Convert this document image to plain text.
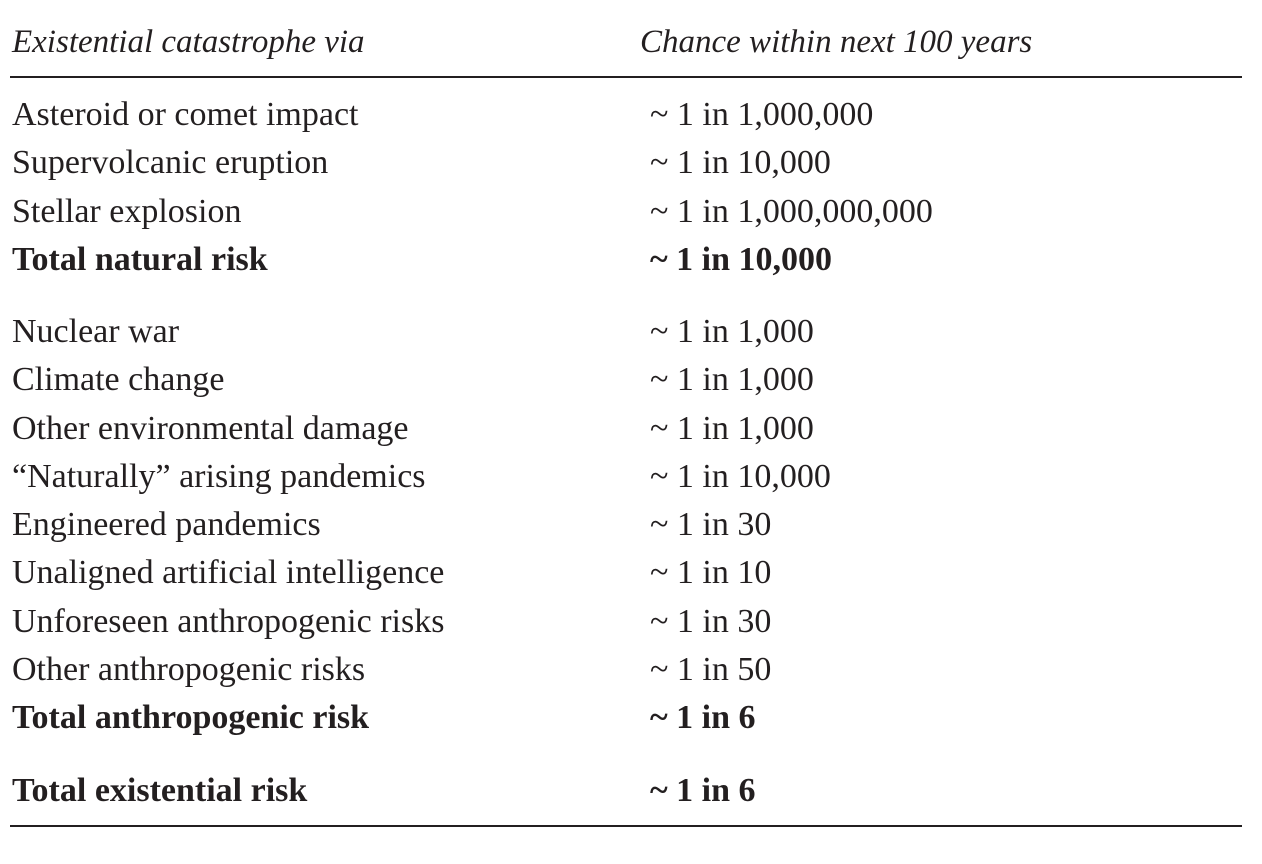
Existential catastrophe via	Chance within next 100 years
Asteroid or comet impact	~ 1 in 1,000,000
Supervolcanic eruption	~ 1 in 10,000
Stellar explosion	~ 1 in 1,000,000,000
Total natural risk	~ 1 in 10,000
Nuclear war	~ 1 in 1,000
Climate change	~ 1 in 1,000
Other environmental damage	~ 1 in 1,000
“Naturally” arising pandemics	~ 1 in 10,000
Engineered pandemics	~ 1 in 30
Unaligned artificial intelligence	~ 1 in 10
Unforeseen anthropogenic risks	~ 1 in 30
Other anthropogenic risks	~ 1 in 50
Total anthropogenic risk	~ 1 in 6
Total existential risk	~ 1 in 6
